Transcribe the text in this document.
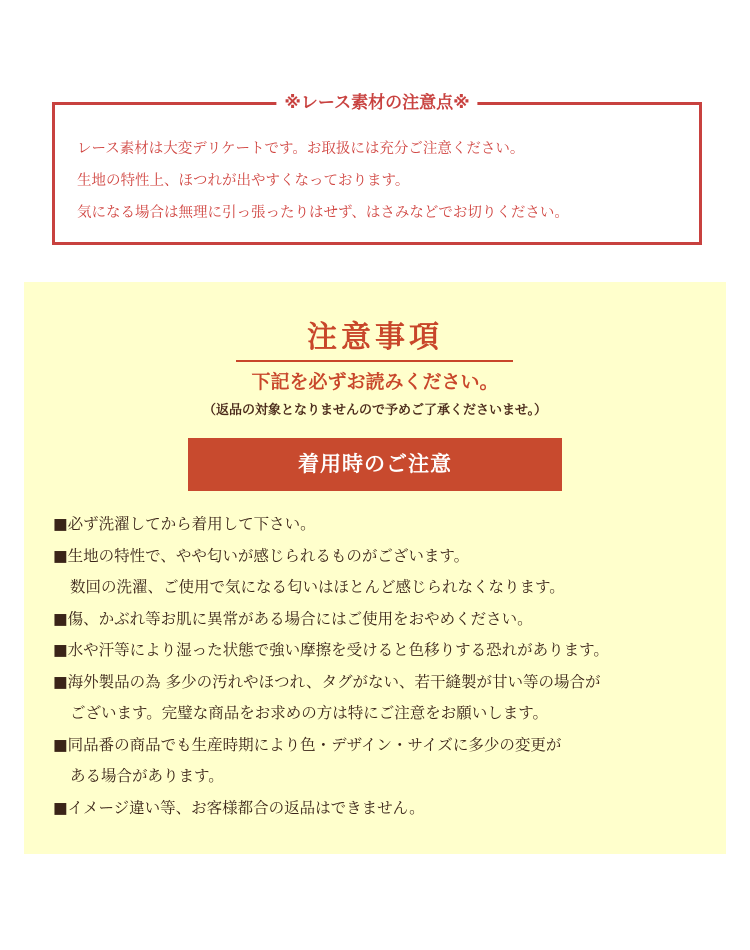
※レース素材の注意点※
レース素材は大変デリケートです。お取扱には充分ご注意ください。
生地の特性上、ほつれが出やすくなっております。
気になる場合は無理に引っ張ったりはせず、はさみなどでお切りください。
注意事項
下記を必ずお読みください。
（返品の対象となりませんので予めご了承くださいませ。）
着用時のご注意
■必ず洗濯してから着用して下さい。
■生地の特性で、やや匂いが感じられるものがございます。
数回の洗濯、ご使用で気になる匂いはほとんど感じられなくなります。
■傷、かぶれ等お肌に異常がある場合にはご使用をおやめください。
■水や汗等により湿った状態で強い摩擦を受けると色移りする恐れがあります。
■海外製品の為 多少の汚れやほつれ、タグがない、若干縫製が甘い等の場合が
ございます。完璧な商品をお求めの方は特にご注意をお願いします。
■同品番の商品でも生産時期により色・デザイン・サイズに多少の変更が
ある場合があります。
■イメージ違い等、お客様都合の返品はできません。
